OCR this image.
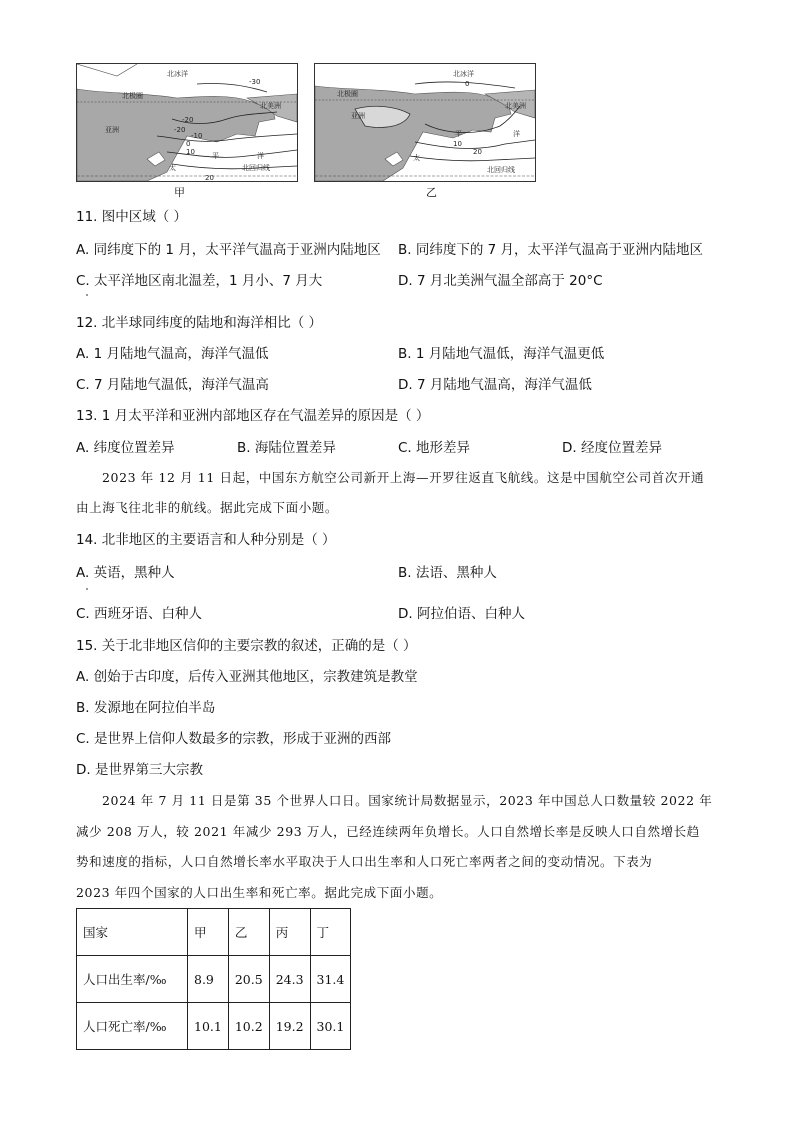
北冰洋
-30
北极圈
北美洲
亚洲
-20
-20
-10
0
10 平	洋
太	北回归线
20
甲
北冰洋
0
北极圈
北美洲
亚洲
平	洋
10
太
20
北回归线
乙
11. 图中区域（ ）
A. 同纬度下的 1 月，太平洋气温高于亚洲内陆地区 B. 同纬度下的 7 月，太平洋气温高于亚洲内陆地区
C. 太平洋地区南北温差，1 月小、7 月大	D. 7 月北美洲气温全部高于 20°C
12. 北半球同纬度的陆地和海洋相比（ ）
A. 1 月陆地气温高，海洋气温低	B. 1 月陆地气温低，海洋气温更低
C. 7 月陆地气温低，海洋气温高	D. 7 月陆地气温高，海洋气温低
13. 1 月太平洋和亚洲内部地区存在气温差异的原因是（ ）
A. 纬度位置差异	B. 海陆位置差异	C. 地形差异	D. 经度位置差异
2023 年 12 月 11 日起，中国东方航空公司新开上海—开罗往返直飞航线。这是中国航空公司首次开通
由上海飞往北非的航线。据此完成下面小题。
14. 北非地区的主要语言和人种分别是（ ）
A. 英语，黑种人	B. 法语、黑种人
C. 西班牙语、白种人	D. 阿拉伯语、白种人
15. 关于北非地区信仰的主要宗教的叙述，正确的是（ ）
A. 创始于古印度，后传入亚洲其他地区，宗教建筑是教堂
B. 发源地在阿拉伯半岛
C. 是世界上信仰人数最多的宗教，形成于亚洲的西部
D. 是世界第三大宗教
2024 年 7 月 11 日是第 35 个世界人口日。国家统计局数据显示，2023 年中国总人口数量较 2022 年
减少 208 万人，较 2021 年减少 293 万人，已经连续两年负增长。人口自然增长率是反映人口自然增长趋
势和速度的指标，人口自然增长率水平取决于人口出生率和人口死亡率两者之间的变动情况。下表为
2023 年四个国家的人口出生率和死亡率。据此完成下面小题。
国家	甲	乙	丙	丁
人口出生率/‰	8.9	20.5	24.3	31.4
人口死亡率/‰	10.1	10.2	19.2	30.1
